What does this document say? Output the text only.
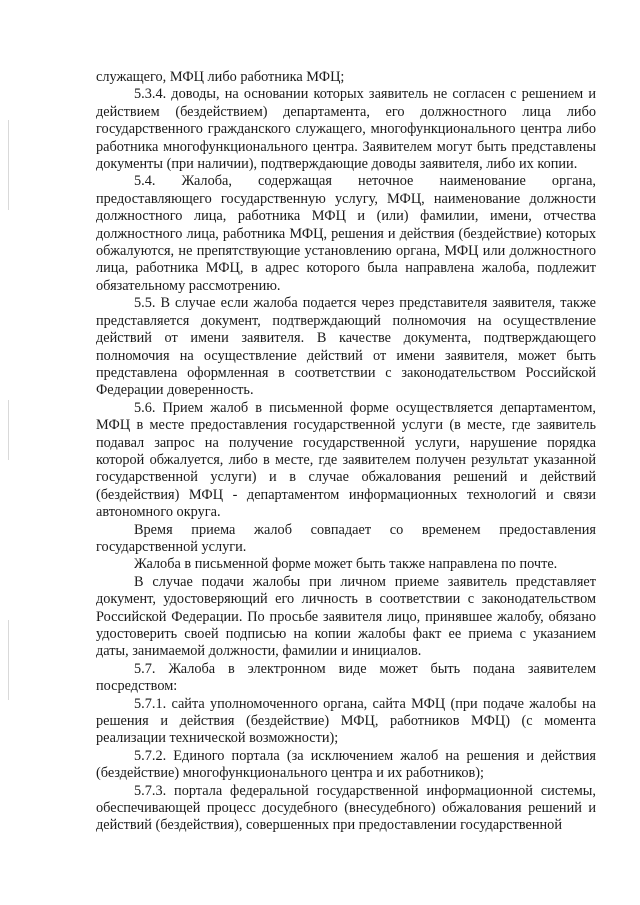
служащего, МФЦ либо работника МФЦ;

5.3.4. доводы, на основании которых заявитель не согласен с решением и действием (бездействием) департамента, его должностного лица либо государственного гражданского служащего, многофункционального центра либо работника многофункционального центра. Заявителем могут быть представлены документы (при наличии), подтверждающие доводы заявителя, либо их копии.

5.4. Жалоба, содержащая неточное наименование органа, предоставляющего государственную услугу, МФЦ, наименование должности должностного лица, работника МФЦ и (или) фамилии, имени, отчества должностного лица, работника МФЦ, решения и действия (бездействие) которых обжалуются, не препятствующие установлению органа, МФЦ или должностного лица, работника МФЦ, в адрес которого была направлена жалоба, подлежит обязательному рассмотрению.

5.5. В случае если жалоба подается через представителя заявителя, также представляется документ, подтверждающий полномочия на осуществление действий от имени заявителя. В качестве документа, подтверждающего полномочия на осуществление действий от имени заявителя, может быть представлена оформленная в соответствии с законодательством Российской Федерации доверенность.

5.6. Прием жалоб в письменной форме осуществляется департаментом, МФЦ в месте предоставления государственной услуги (в месте, где заявитель подавал запрос на получение государственной услуги, нарушение порядка которой обжалуется, либо в месте, где заявителем получен результат указанной государственной услуги) и в случае обжалования решений и действий (бездействия) МФЦ - департаментом информационных технологий и связи автономного округа.

Время приема жалоб совпадает со временем предоставления государственной услуги.

Жалоба в письменной форме может быть также направлена по почте.

В случае подачи жалобы при личном приеме заявитель представляет документ, удостоверяющий его личность в соответствии с законодательством Российской Федерации. По просьбе заявителя лицо, принявшее жалобу, обязано удостоверить своей подписью на копии жалобы факт ее приема с указанием даты, занимаемой должности, фамилии и инициалов.

5.7. Жалоба в электронном виде может быть подана заявителем посредством:

5.7.1. сайта уполномоченного органа, сайта МФЦ (при подаче жалобы на решения и действия (бездействие) МФЦ, работников МФЦ) (с момента реализации технической возможности);

5.7.2. Единого портала (за исключением жалоб на решения и действия (бездействие) многофункционального центра и их работников);

5.7.3. портала федеральной государственной информационной системы, обеспечивающей процесс досудебного (внесудебного) обжалования решений и действий (бездействия), совершенных при предоставлении государственной
